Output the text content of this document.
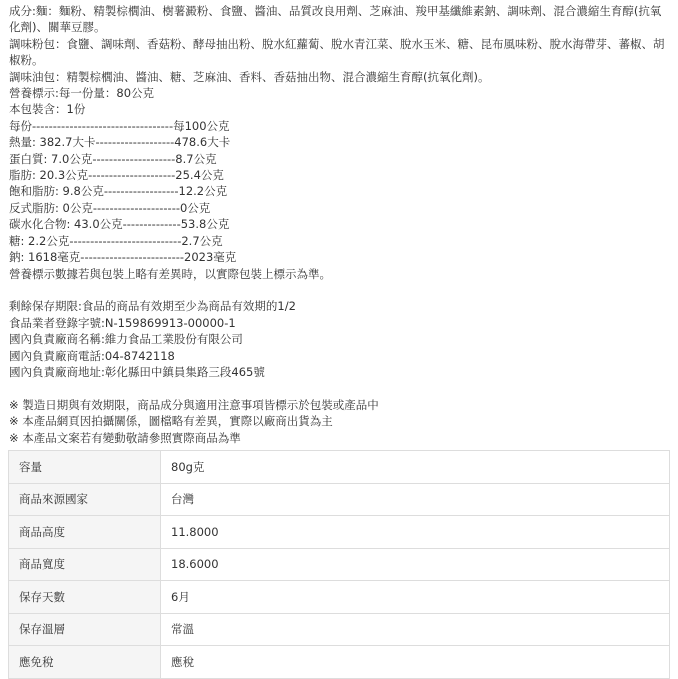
成分:麵：麵粉、精製棕櫚油、樹薯澱粉、食鹽、醬油、品質改良用劑、芝麻油、羧甲基纖維素鈉、調味劑、混合濃縮生育醇(抗氧化劑)、關華豆膠。

調味粉包：食鹽、調味劑、香菇粉、酵母抽出粉、脫水紅蘿蔔、脫水青江菜、脫水玉米、糖、昆布風味粉、脫水海帶芽、蕃椒、胡椒粉。

調味油包：精製棕櫚油、醬油、糖、芝麻油、香料、香菇抽出物、混合濃縮生育醇(抗氧化劑)。

營養標示:每一份量：80公克

本包裝含：1份

每份----------------------------------每100公克

熱量: 382.7大卡-------------------478.6大卡

蛋白質: 7.0公克--------------------8.7公克

脂肪: 20.3公克---------------------25.4公克

飽和脂肪: 9.8公克------------------12.2公克

反式脂肪: 0公克---------------------0公克

碳水化合物: 43.0公克--------------53.8公克

糖: 2.2公克---------------------------2.7公克

鈉: 1618毫克-------------------------2023毫克

營養標示數據若與包裝上略有差異時，以實際包裝上標示為準。

剩餘保存期限:食品的商品有效期至少為商品有效期的1/2

食品業者登錄字號:N-159869913-00000-1

國內負責廠商名稱:維力食品工業股份有限公司

國內負責廠商電話:04-8742118

國內負責廠商地址:彰化縣田中鎮員集路三段465號

※ 製造日期與有效期限，商品成分與適用注意事項皆標示於包裝或產品中

※ 本產品網頁因拍攝關係，圖檔略有差異，實際以廠商出貨為主

※ 本產品文案若有變動敬請參照實際商品為準

容量	80g克
商品來源國家	台灣
商品高度	11.8000
商品寬度	18.6000
保存天數	6月
保存溫層	常溫
應免稅	應稅
